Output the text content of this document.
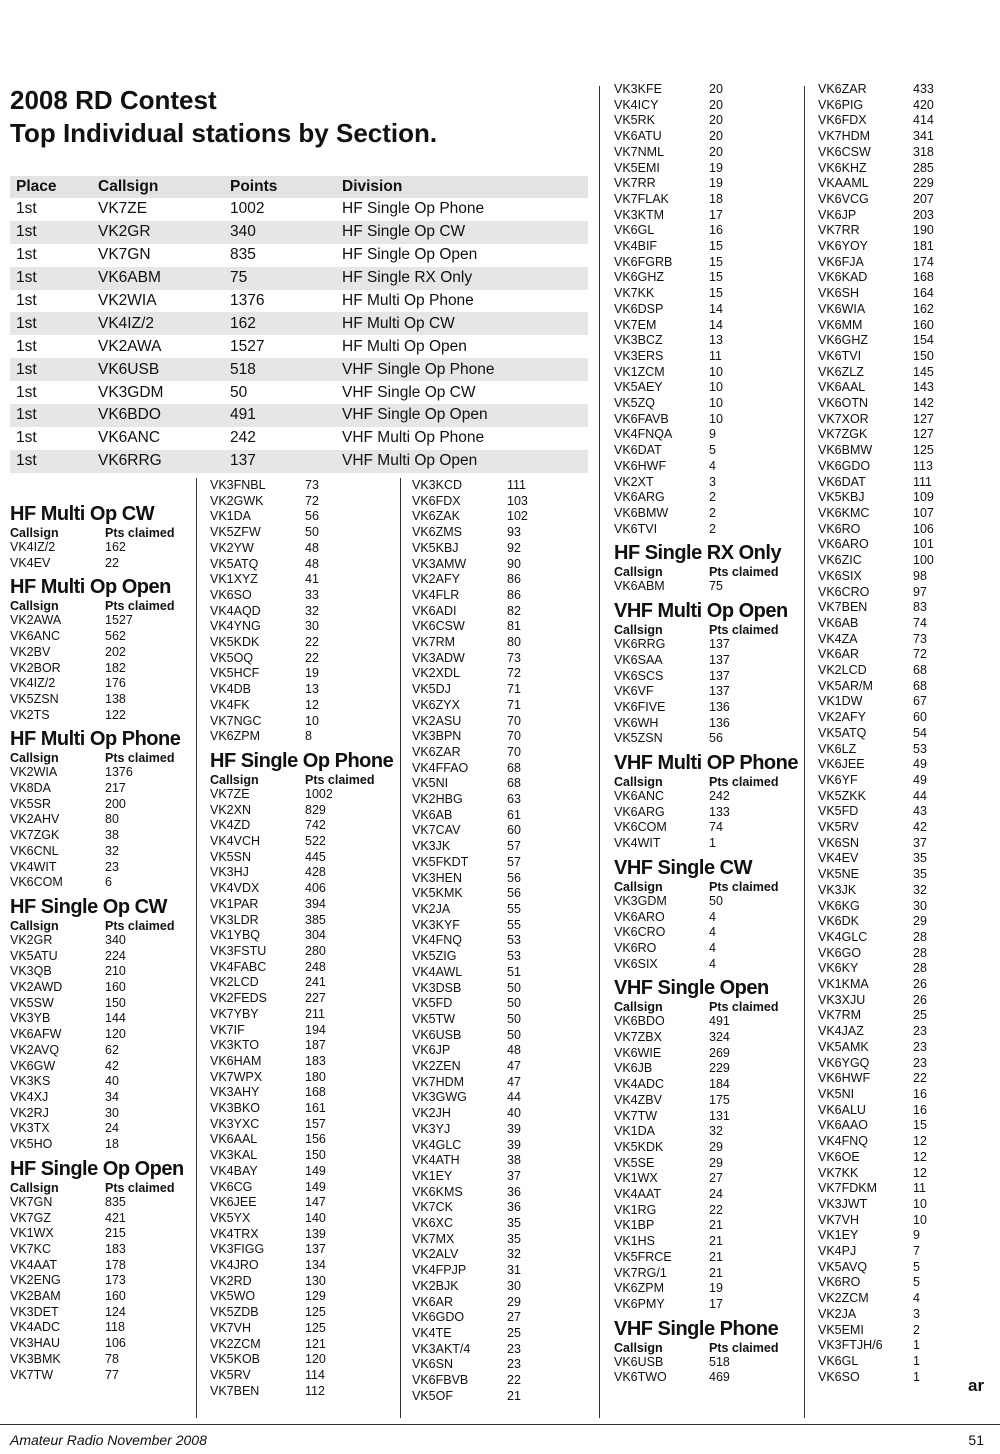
2008 RD Contest
Top Individual stations by Section.
Place	Callsign	Points	Division
1st	VK7ZE	1002	HF Single Op Phone
1st	VK2GR	340	HF Single Op CW
1st	VK7GN	835	HF Single Op Open
1st	VK6ABM	75	HF Single RX Only
1st	VK2WIA	1376	HF Multi Op Phone
1st	VK4IZ/2	162	HF Multi Op CW
1st	VK2AWA	1527	HF Multi Op Open
1st	VK6USB	518	VHF Single Op Phone
1st	VK3GDM	50	VHF Single Op CW
1st	VK6BDO	491	VHF Single Op Open
1st	VK6ANC	242	VHF Multi Op Phone
1st	VK6RRG	137	VHF Multi Op Open
HF Multi Op CW
Callsign	Pts claimed
VK4IZ/2	162
VK4EV	22
HF Multi Op Open
Callsign	Pts claimed
VK2AWA	1527
VK6ANC	562
VK2BV	202
VK2BOR	182
VK4IZ/2	176
VK5ZSN	138
VK2TS	122
HF Multi Op Phone
Callsign	Pts claimed
VK2WIA	1376
VK8DA	217
VK5SR	200
VK2AHV	80
VK7ZGK	38
VK6CNL	32
VK4WIT	23
VK6COM	6
HF Single Op CW
Callsign	Pts claimed
VK2GR	340
VK5ATU	224
VK3QB	210
VK2AWD	160
VK5SW	150
VK3YB	144
VK6AFW	120
VK2AVQ	62
VK6GW	42
VK3KS	40
VK4XJ	34
VK2RJ	30
VK3TX	24
VK5HO	18
HF Single Op Open
Callsign	Pts claimed
VK7GN	835
VK7GZ	421
VK1WX	215
VK7KC	183
VK4AAT	178
VK2ENG	173
VK2BAM	160
VK3DET	124
VK4ADC	118
VK3HAU	106
VK3BMK	78
VK7TW	77
VK3FNBL	73
VK2GWK	72
VK1DA	56
VK5ZFW	50
VK2YW	48
VK5ATQ	48
VK1XYZ	41
VK6SO	33
VK4AQD	32
VK4YNG	30
VK5KDK	22
VK5OQ	22
VK5HCF	19
VK4DB	13
VK4FK	12
VK7NGC	10
VK6ZPM	8
HF Single Op Phone
Callsign	Pts claimed
VK7ZE	1002
VK2XN	829
VK4ZD	742
VK4VCH	522
VK5SN	445
VK3HJ	428
VK4VDX	406
VK1PAR	394
VK3LDR	385
VK1YBQ	304
VK3FSTU	280
VK4FABC	248
VK2LCD	241
VK2FEDS	227
VK7YBY	211
VK7IF	194
VK3KTO	187
VK6HAM	183
VK7WPX	180
VK3AHY	168
VK3BKO	161
VK3YXC	157
VK6AAL	156
VK3KAL	150
VK4BAY	149
VK6CG	149
VK6JEE	147
VK5YX	140
VK4TRX	139
VK3FIGG	137
VK4JRO	134
VK2RD	130
VK5WO	129
VK5ZDB	125
VK7VH	125
VK2ZCM	121
VK5KOB	120
VK5RV	114
VK7BEN	112
VK3KCD	111
VK6FDX	103
VK6ZAK	102
VK6ZMS	93
VK5KBJ	92
VK3AMW	90
VK2AFY	86
VK4FLR	86
VK6ADI	82
VK6CSW	81
VK7RM	80
VK3ADW	73
VK2XDL	72
VK5DJ	71
VK6ZYX	71
VK2ASU	70
VK3BPN	70
VK6ZAR	70
VK4FFAO	68
VK5NI	68
VK2HBG	63
VK6AB	61
VK7CAV	60
VK3JK	57
VK5FKDT	57
VK3HEN	56
VK5KMK	56
VK2JA	55
VK3KYF	55
VK4FNQ	53
VK5ZIG	53
VK4AWL	51
VK3DSB	50
VK5FD	50
VK5TW	50
VK6USB	50
VK6JP	48
VK2ZEN	47
VK7HDM	47
VK3GWG	44
VK2JH	40
VK3YJ	39
VK4GLC	39
VK4ATH	38
VK1EY	37
VK6KMS	36
VK7CK	36
VK6XC	35
VK7MX	35
VK2ALV	32
VK4FPJP	31
VK2BJK	30
VK6AR	29
VK6GDO	27
VK4TE	25
VK3AKT/4	23
VK6SN	23
VK6FBVB	22
VK5OF	21
VK3KFE	20
VK4ICY	20
VK5RK	20
VK6ATU	20
VK7NML	20
VK5EMI	19
VK7RR	19
VK7FLAK	18
VK3KTM	17
VK6GL	16
VK4BIF	15
VK6FGRB	15
VK6GHZ	15
VK7KK	15
VK6DSP	14
VK7EM	14
VK3BCZ	13
VK3ERS	11
VK1ZCM	10
VK5AEY	10
VK5ZQ	10
VK6FAVB	10
VK4FNQA	9
VK6DAT	5
VK6HWF	4
VK2XT	3
VK6ARG	2
VK6BMW	2
VK6TVI	2
HF Single RX Only
Callsign	Pts claimed
VK6ABM	75
VHF Multi Op Open
Callsign	Pts claimed
VK6RRG	137
VK6SAA	137
VK6SCS	137
VK6VF	137
VK6FIVE	136
VK6WH	136
VK5ZSN	56
VHF Multi OP Phone
Callsign	Pts claimed
VK6ANC	242
VK6ARG	133
VK6COM	74
VK4WIT	1
VHF Single CW
Callsign	Pts claimed
VK3GDM	50
VK6ARO	4
VK6CRO	4
VK6RO	4
VK6SIX	4
VHF Single Open
Callsign	Pts claimed
VK6BDO	491
VK7ZBX	324
VK6WIE	269
VK6JB	229
VK4ADC	184
VK4ZBV	175
VK7TW	131
VK1DA	32
VK5KDK	29
VK5SE	29
VK1WX	27
VK4AAT	24
VK1RG	22
VK1BP	21
VK1HS	21
VK5FRCE	21
VK7RG/1	21
VK6ZPM	19
VK6PMY	17
VHF Single Phone
Callsign	Pts claimed
VK6USB	518
VK6TWO	469
VK6ZAR	433
VK6PIG	420
VK6FDX	414
VK7HDM	341
VK6CSW	318
VK6KHZ	285
VKAAML	229
VK6VCG	207
VK6JP	203
VK7RR	190
VK6YOY	181
VK6FJA	174
VK6KAD	168
VK6SH	164
VK6WIA	162
VK6MM	160
VK6GHZ	154
VK6TVI	150
VK6ZLZ	145
VK6AAL	143
VK6OTN	142
VK7XOR	127
VK7ZGK	127
VK6BMW	125
VK6GDO	113
VK6DAT	111
VK5KBJ	109
VK6KMC	107
VK6RO	106
VK6ARO	101
VK6ZIC	100
VK6SIX	98
VK6CRO	97
VK7BEN	83
VK6AB	74
VK4ZA	73
VK6AR	72
VK2LCD	68
VK5AR/M	68
VK1DW	67
VK2AFY	60
VK5ATQ	54
VK6LZ	53
VK6JEE	49
VK6YF	49
VK5ZKK	44
VK5FD	43
VK5RV	42
VK6SN	37
VK4EV	35
VK5NE	35
VK3JK	32
VK6KG	30
VK6DK	29
VK4GLC	28
VK6GO	28
VK6KY	28
VK1KMA	26
VK3XJU	26
VK7RM	25
VK4JAZ	23
VK5AMK	23
VK6YGQ	23
VK6HWF	22
VK5NI	16
VK6ALU	16
VK6AAO	15
VK4FNQ	12
VK6OE	12
VK7KK	12
VK7FDKM	11
VK3JWT	10
VK7VH	10
VK1EY	9
VK4PJ	7
VK5AVQ	5
VK6RO	5
VK2ZCM	4
VK2JA	3
VK5EMI	2
VK3FTJH/6	1
VK6GL	1
VK6SO	1	ar
Amateur Radio November 2008	51
